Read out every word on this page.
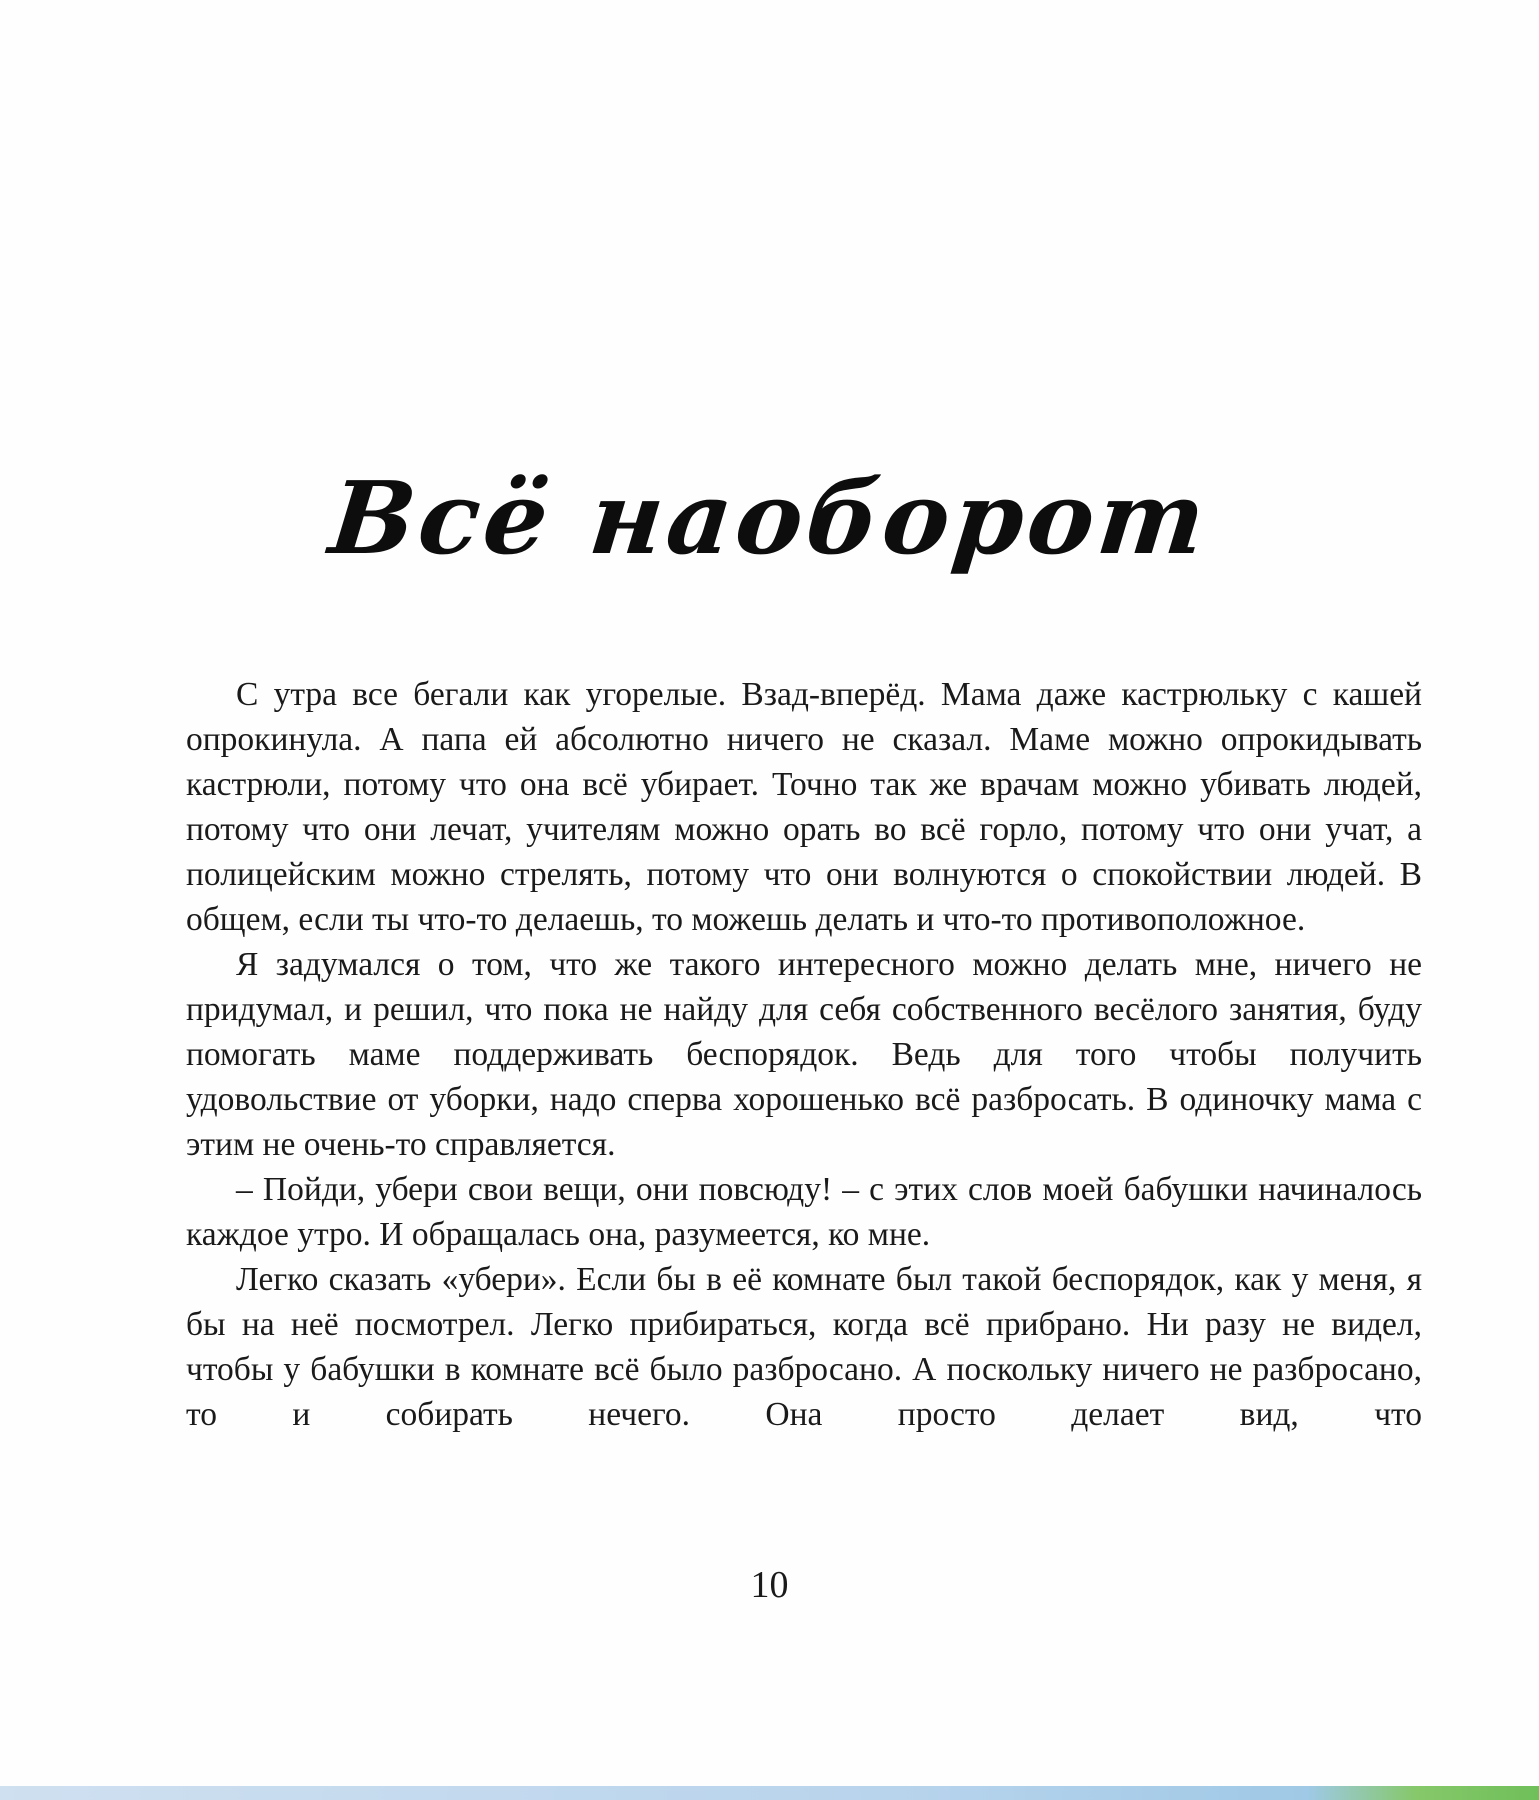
Всё наоборот

С утра все бегали как угорелые. Взад-вперёд. Мама даже кастрюльку с кашей опрокинула. А папа ей абсолютно ничего не сказал. Маме можно опрокидывать кастрюли, потому что она всё убирает. Точно так же врачам можно убивать людей, потому что они лечат, учителям можно орать во всё горло, потому что они учат, а полицейским можно стрелять, потому что они волнуются о спокойствии людей. В общем, если ты что-то делаешь, то можешь делать и что-то противоположное.

Я задумался о том, что же такого интересного можно делать мне, ничего не придумал, и решил, что пока не найду для себя собственного весёлого занятия, буду помогать маме поддерживать беспорядок. Ведь для того чтобы получить удовольствие от уборки, надо сперва хорошенько всё разбросать. В одиночку мама с этим не очень-то справляется.

– Пойди, убери свои вещи, они повсюду! – с этих слов моей бабушки начиналось каждое утро. И обращалась она, разумеется, ко мне.

Легко сказать «убери». Если бы в её комнате был такой беспорядок, как у меня, я бы на неё посмотрел. Легко прибираться, когда всё прибрано. Ни разу не видел, чтобы у бабушки в комнате всё было разбросано. А поскольку ничего не разбросано, то и собирать нечего. Она просто делает вид, что

10
